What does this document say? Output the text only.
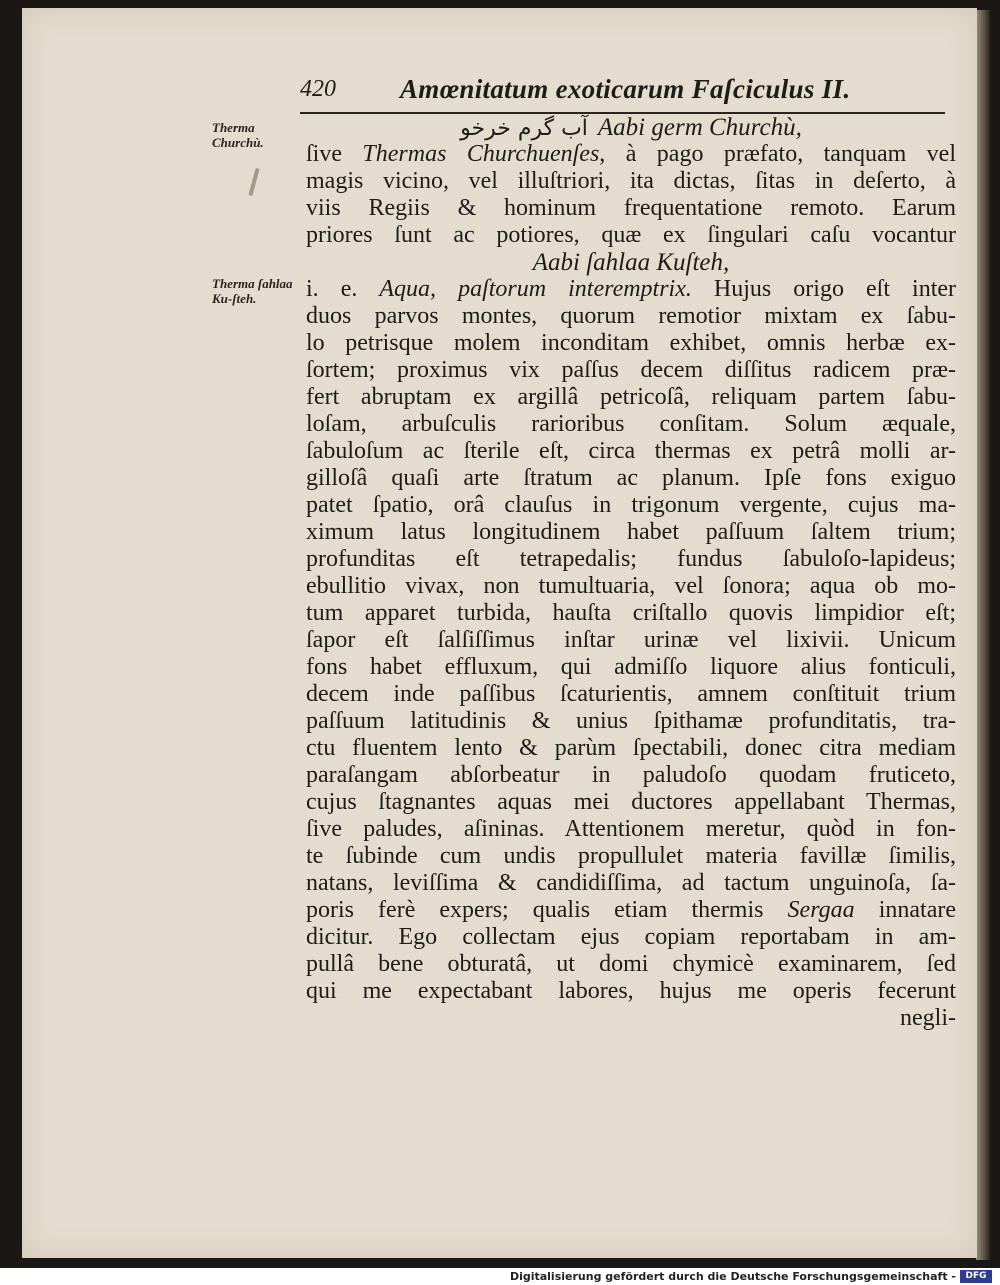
420 Amœnitatum exoticarum Faſciculus II.
Therma Churchù.
Therma ſahlaa Ku-ſteh.
آب گرم خرخو Aabi germ Churchù,
ſive Thermas Churchuenſes, à pago præfato, tanquam vel
magis vicino, vel illuſtriori, ita dictas, ſitas in deſerto, à
viis Regiis & hominum frequentatione remoto. Earum
priores ſunt ac potiores, quæ ex ſingulari caſu vocantur
Aabi ſahlaa Kuſteh,
i. e. Aqua, paſtorum interemptrix. Hujus origo eſt inter
duos parvos montes, quorum remotior mixtam ex ſabu-
lo petrisque molem inconditam exhibet, omnis herbæ ex-
ſortem; proximus vix paſſus decem diſſitus radicem præ-
fert abruptam ex argillâ petricoſâ, reliquam partem ſabu-
loſam, arbuſculis rarioribus conſitam. Solum æquale,
ſabuloſum ac ſterile eſt, circa thermas ex petrâ molli ar-
gilloſâ quaſi arte ſtratum ac planum. Ipſe fons exiguo
patet ſpatio, orâ clauſus in trigonum vergente, cujus ma-
ximum latus longitudinem habet paſſuum ſaltem trium;
profunditas eſt tetrapedalis; fundus ſabuloſo-lapideus;
ebullitio vivax, non tumultuaria, vel ſonora; aqua ob mo-
tum apparet turbida, hauſta criſtallo quovis limpidior eſt;
ſapor eſt ſalſiſſimus inſtar urinæ vel lixivii. Unicum
fons habet effluxum, qui admiſſo liquore alius fonticuli,
decem inde paſſibus ſcaturientis, amnem conſtituit trium
paſſuum latitudinis & unius ſpithamæ profunditatis, tra-
ctu fluentem lento & parùm ſpectabili, donec citra mediam
paraſangam abſorbeatur in paludoſo quodam fruticeto,
cujus ſtagnantes aquas mei ductores appellabant Thermas,
ſive paludes, aſininas. Attentionem meretur, quòd in fon-
te ſubinde cum undis propullulet materia favillæ ſimilis,
natans, leviſſima & candidiſſima, ad tactum unguinoſa, ſa-
poris ferè expers; qualis etiam thermis Sergaa innatare
dicitur. Ego collectam ejus copiam reportabam in am-
pullâ bene obturatâ, ut domi chymicè examinarem, ſed
qui me expectabant labores, hujus me operis fecerunt
negli-
Digitalisierung gefördert durch die Deutsche Forschungsgemeinschaft -	DFG
